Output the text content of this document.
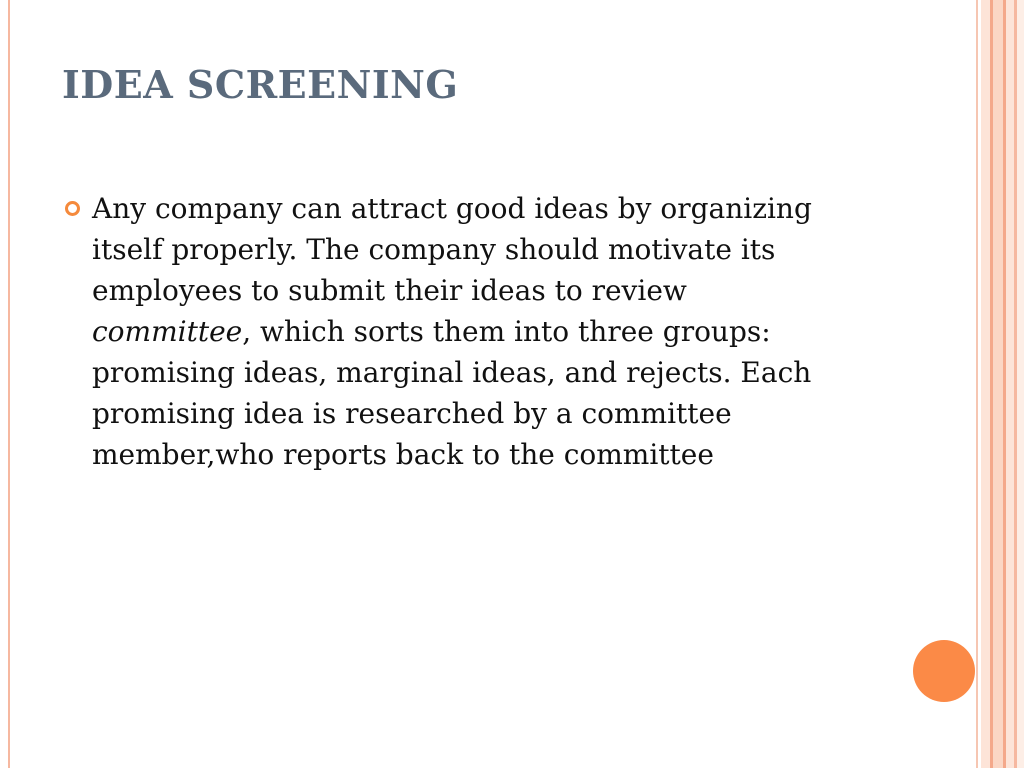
IDEA SCREENING
Any company can attract good ideas by organizing itself properly. The company should motivate its employees to submit their ideas to review committee, which sorts them into three groups: promising ideas, marginal ideas, and rejects. Each promising idea is researched by a committee member,who reports back to the committee
